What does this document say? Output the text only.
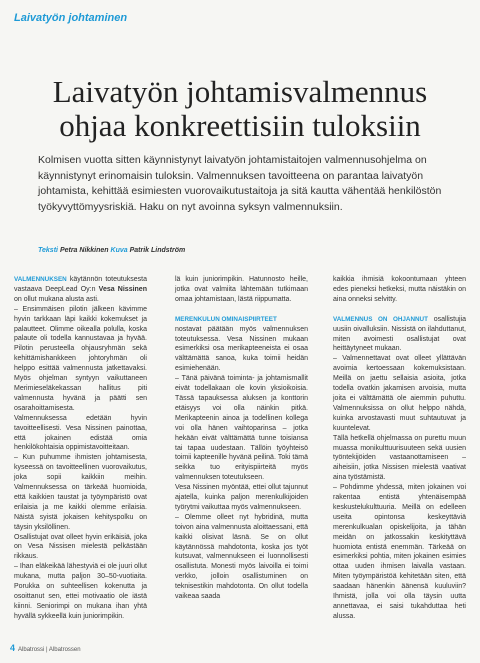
Laivatyön johtaminen
Laivatyön johtamisvalmennus
ohjaa konkreettisiin tuloksiin
Kolmisen vuotta sitten käynnistynyt laivatyön johtamistaitojen valmennusohjelma on käynnistynyt erinomaisin tuloksin. Valmennuksen tavoitteena on parantaa laivatyön johtamista, kehittää esimiesten vuorovaikutustaitoja ja sitä kautta vähentää henkilöstön työkyvyttömyysriskiä. Haku on nyt avoinna syksyn valmennuksiin.
Teksti Petra Nikkinen Kuva Patrik Lindström

VALMENNUKSEN käytännön toteutuksesta vastaava DeepLead Oy:n Vesa Nissinen on ollut mukana alusta asti.

– Ensimmäisen pilotin jälkeen kävimme hyvin tarkkaan läpi kaikki kokemukset ja palautteet. Olimme oikealla polulla, koska palaute oli todella kannustavaa ja hyvää. Pilotin perusteella ohjausryhmän sekä kehittämishankkeen johtoryhmän oli helppo esittää valmennusta jatkettavaksi. Myös ohjelman syntyyn vaikuttaneen Merimieseläkekassan hallitus piti valmennusta hyvänä ja päätti sen osarahoittamisesta.

Valmennuksessa edetään hyvin tavoitteellisesti. Vesa Nissinen painottaa, että jokainen edistää omia henkilökohtaisia oppimistavoitteitaan.

– Kun puhumme ihmisten johtamisesta, kyseessä on tavoitteellinen vuorovaikutus, joka sopii kaikkiin meihin. Valmennuksessa on tärkeää huomioida, että kaikkien taustat ja työympäristö ovat erilaisia ja me kaikki olemme erilaisia. Näistä syistä jokaisen kehityspolku on täysin yksilöllinen.

Osallistujat ovat olleet hyvin erikäisiä, joka on Vesa Nissisen mielestä pelkästään rikkaus.

– Ihan eläkeikää lähestyviä ei ole juuri ollut mukana, mutta paljon 30–50-vuotiaita. Porukka on suhteellisen kokenutta ja osoittanut sen, ettei motivaatio ole iästä kiinni. Seniorimpi on mukana ihan yhtä hyvällä sykkeellä kuin juniorimpikin.

lä kuin juniorimpikin. Hatunnosto heille, jotka ovat valmiita lähtemään tutkimaan omaa johtamistaan, lästä riippumatta.

MERENKULUN OMINAISPIIRTEET

nostavat päätään myös valmennuksen toteutuksessa. Vesa Nissinen mukaan esimerkiksi osa merikapteeneista ei osaa välttämättä sanoa, kuka toimii heidän esimiehenään.

– Tänä päivänä toiminta- ja johtamismallit eivät todellakaan ole kovin yksioikoisia. Tässä tapauksessa aluksen ja konttorin etäisyys voi olla näinkin pitkä. Merikapteenin ainoa ja todellinen kollega voi olla hänen vaihtoparinsa – jotka hekään eivät välttämättä tunne toisiansa tai tapaa uudestaan. Tällöin työyhteisö toimii kapteenille hyvänä peilinä. Toki tämä seikka tuo erityispiirteitä myös valmennuksen toteutukseen.

Vesa Nissinen myöntää, ettei ollut tajunnut ajatella, kuinka paljon merenkulkijoiden työrytmi vaikuttaa myös valmennukseen.

– Olemme olleet nyt hybridinä, mutta toivon aina valmennusta aloittaessani, että kaikki olisivat läsnä. Se on ollut käytännössä mahdotonta, koska jos työt kutsuvat, valmennukseen ei luonnollisesti osallistuta. Monesti myös laivoilla ei toimi verkko, jolloin osallistuminen on teknisestikin mahdotonta. On ollut todella vaikeaa saada

kaikkia ihmisiä kokoontumaan yhteen edes pieneksi hetkeksi, mutta näistäkin on aina onneksi selvitty.

VALMENNUS ON OHJANNUT osallistujia uusiin oivalluksiin. Nissistä on ilahduttanut, miten avoimesti osallistujat ovat heittäytyneet mukaan.

– Valmennettavat ovat olleet yllättävän avoimia kertoessaan kokemuksistaan. Meillä on jaettu sellaisia asioita, jotka todella ovatkin jakamisen arvoisia, mutta joita ei välttämättä ole aiemmin puhuttu. Valmennuksissa on ollut helppo nähdä, kuinka arvostavasti muut suhtautuvat ja kuuntelevat.

Tällä hetkellä ohjelmassa on purettu muun muassa monikulttuurisuuteen sekä uusien työntekijöiden vastaanottamiseen – aiheisiin, jotka Nissisen mielestä vaativat aina työstämistä.

– Pohdimme yhdessä, miten jokainen voi rakentaa entistä yhtenäisempää keskustelukulttuuria. Meillä on edelleen useita opintonsa keskeyttäviä merenkulkualan opiskelijoita, ja tähän meidän on jatkossakin keskityttävä huomiota entistä enemmän. Tärkeää on esimerkiksi pohtia, miten jokainen esimies ottaa uuden ihmisen laivalla vastaan. Miten työympäristöä kehitetään siten, että saadaan hänenkin äänensä kuuluviin? Ihmistä, jolla voi olla täysin uutta annettavaa, ei saisi tukahduttaa heti alussa.

4 Albatrossi | Albatrossen
